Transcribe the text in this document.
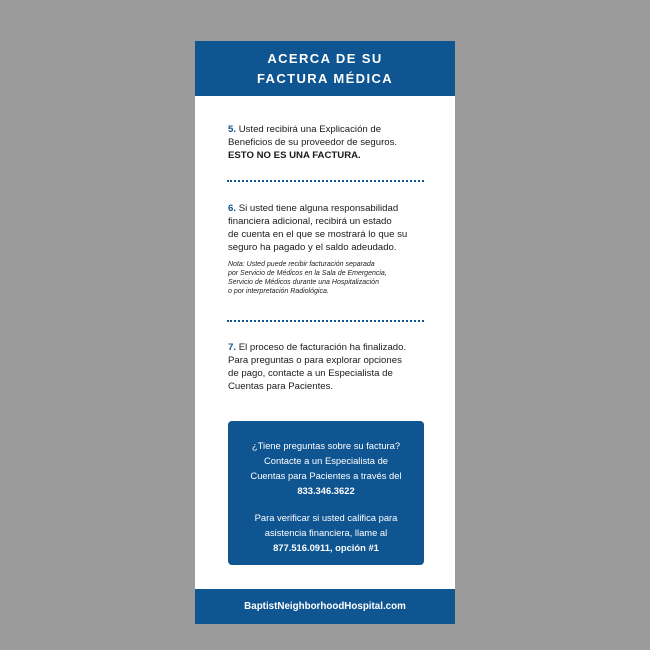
ACERCA DE SU
FACTURA MÉDICA
5. Usted recibirá una Explicación de
Beneficios de su proveedor de seguros.
ESTO NO ES UNA FACTURA.
6. Si usted tiene alguna responsabilidad
financiera adicional, recibirá un estado
de cuenta en el que se mostrará lo que su
seguro ha pagado y el saldo adeudado.
Nota: Usted puede recibir facturación separada
por Servicio de Médicos en la Sala de Emergencia,
Servicio de Médicos durante una Hospitalización
o por interpretación Radiológica.
7. El proceso de facturación ha finalizado.
Para preguntas o para explorar opciones
de pago, contacte a un Especialista de
Cuentas para Pacientes.
¿Tiene preguntas sobre su factura?
Contacte a un Especialista de
Cuentas para Pacientes a través del
833.346.3622
Para verificar si usted califica para
asistencia financiera, llame al
877.516.0911, opción #1
BaptistNeighborhoodHospital.com
